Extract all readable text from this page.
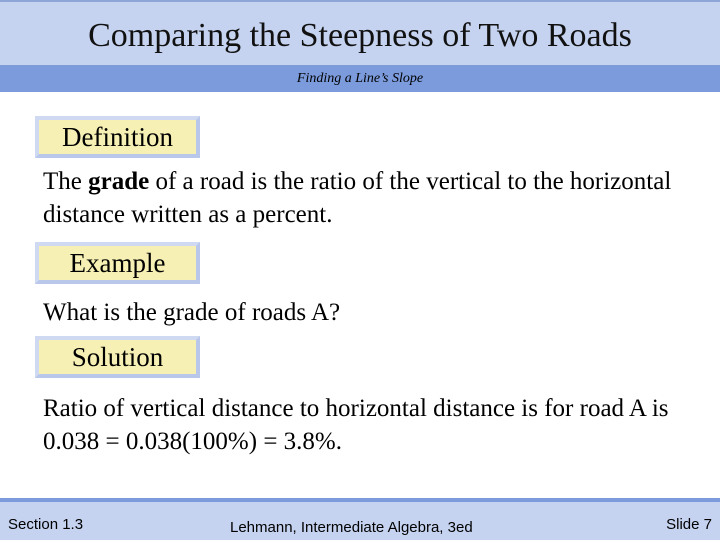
Comparing the Steepness of Two Roads
Finding a Line’s Slope
Definition
The grade of a road is the ratio of the vertical to the horizontal distance written as a percent.
Example
What is the grade of roads A?
Solution
Ratio of vertical distance to horizontal distance is for road A is 0.038 = 0.038(100%) = 3.8%.
Section 1.3	Lehmann, Intermediate Algebra, 3ed	Slide 7
